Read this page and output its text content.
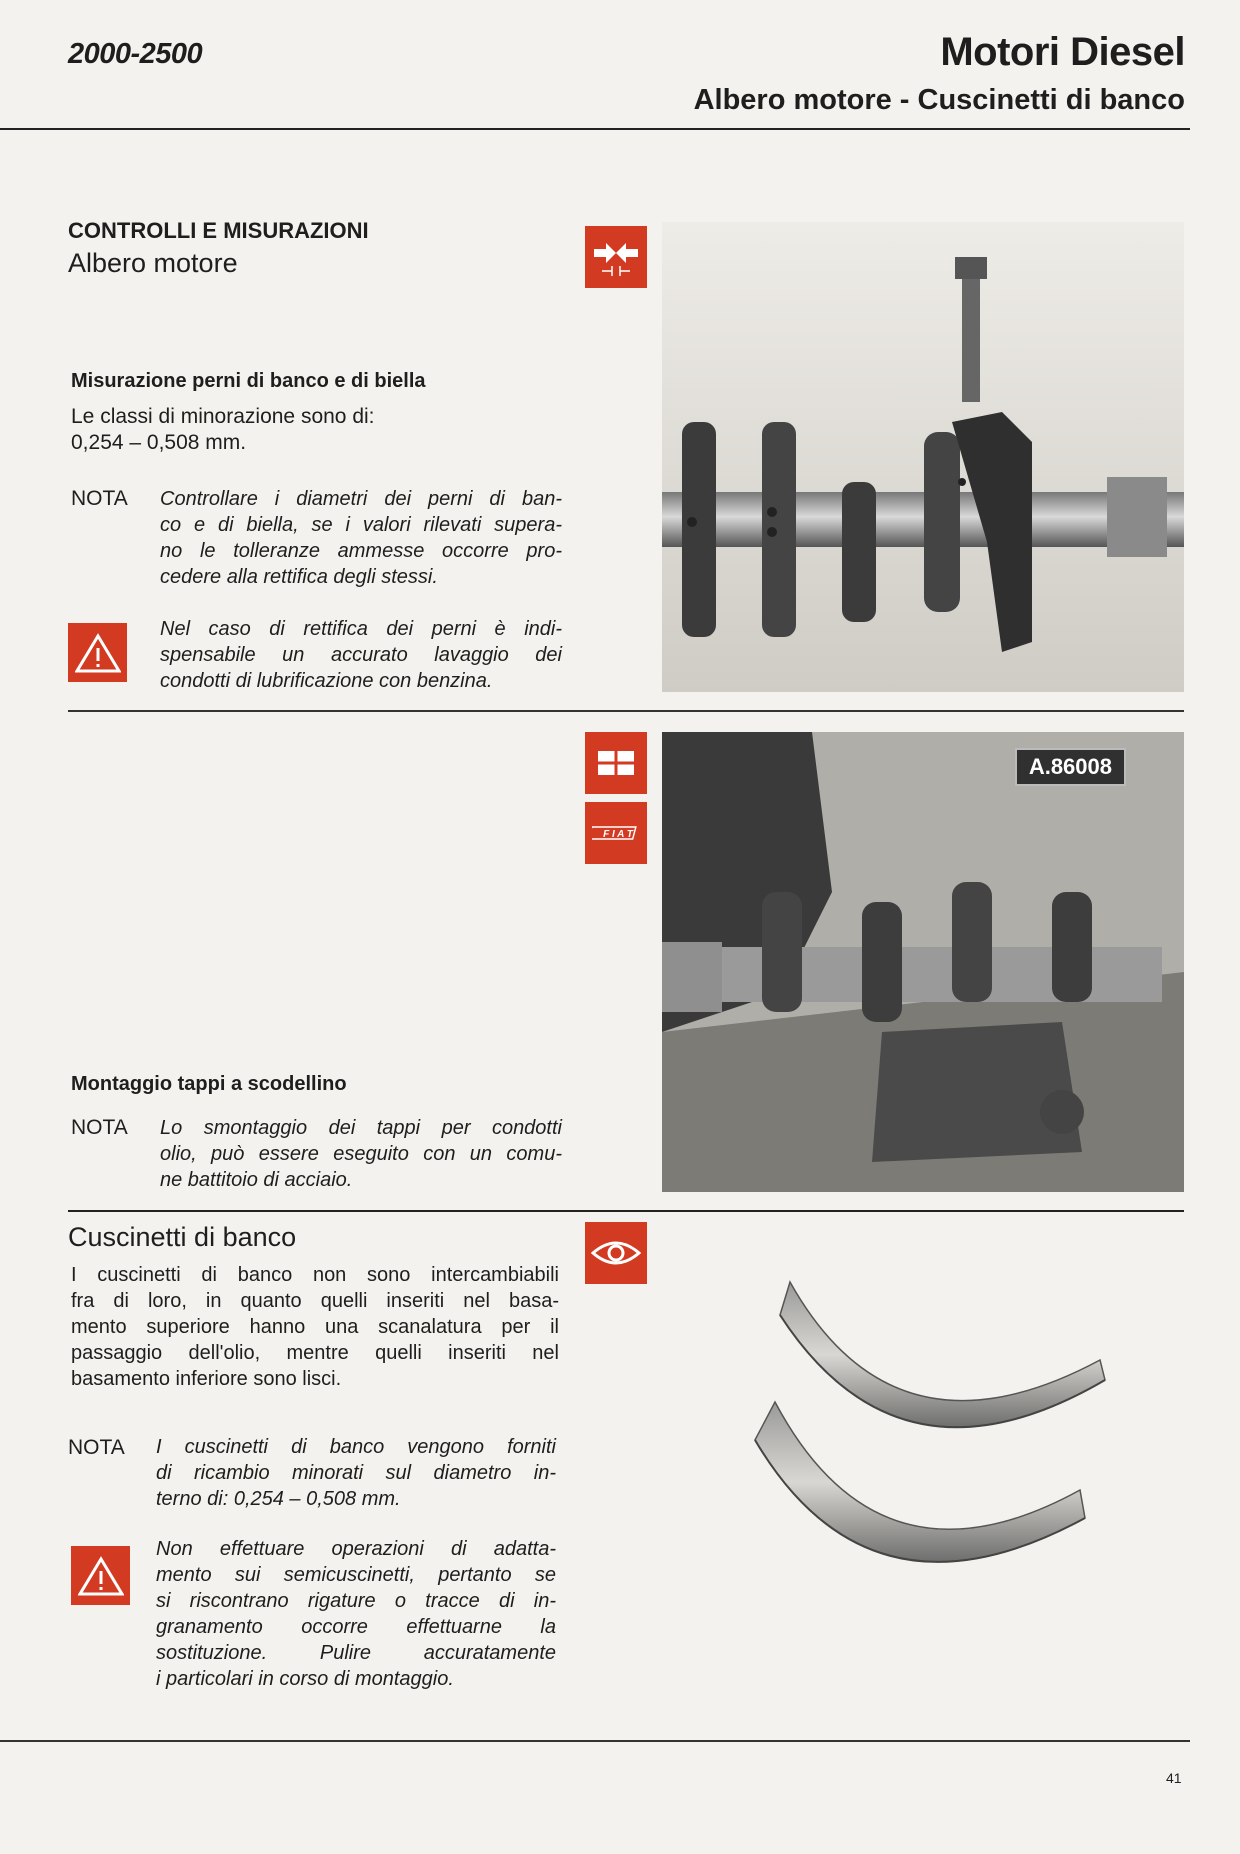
2000-2500	Motori Diesel
Albero motore - Cuscinetti di banco
CONTROLLI E MISURAZIONI
Albero motore
Misurazione perni di banco e di biella
Le classi di minorazione sono di:
0,254 – 0,508 mm.
NOTA Controllare i diametri dei perni di ban-
co e di biella, se i valori rilevati supera-
no le tolleranze ammesse occorre pro-
cedere alla rettifica degli stessi.
Nel caso di rettifica dei perni è indi-
spensabile un accurato lavaggio dei
condotti di lubrificazione con benzina.
F I A T
A.86008
Montaggio tappi a scodellino
NOTA Lo smontaggio dei tappi per condotti
olio, può essere eseguito con un comu-
ne battitoio di acciaio.
Cuscinetti di banco
I cuscinetti di banco non sono intercambiabili
fra di loro, in quanto quelli inseriti nel basa-
mento superiore hanno una scanalatura per il
passaggio dell'olio, mentre quelli inseriti nel
basamento inferiore sono lisci.
NOTA I cuscinetti di banco vengono forniti
di ricambio minorati sul diametro in-
terno di: 0,254 – 0,508 mm.
Non effettuare operazioni di adatta-
mento sui semicuscinetti, pertanto se
si riscontrano rigature o tracce di in-
granamento occorre effettuarne la
sostituzione. Pulire accuratamente
i particolari in corso di montaggio.
41
